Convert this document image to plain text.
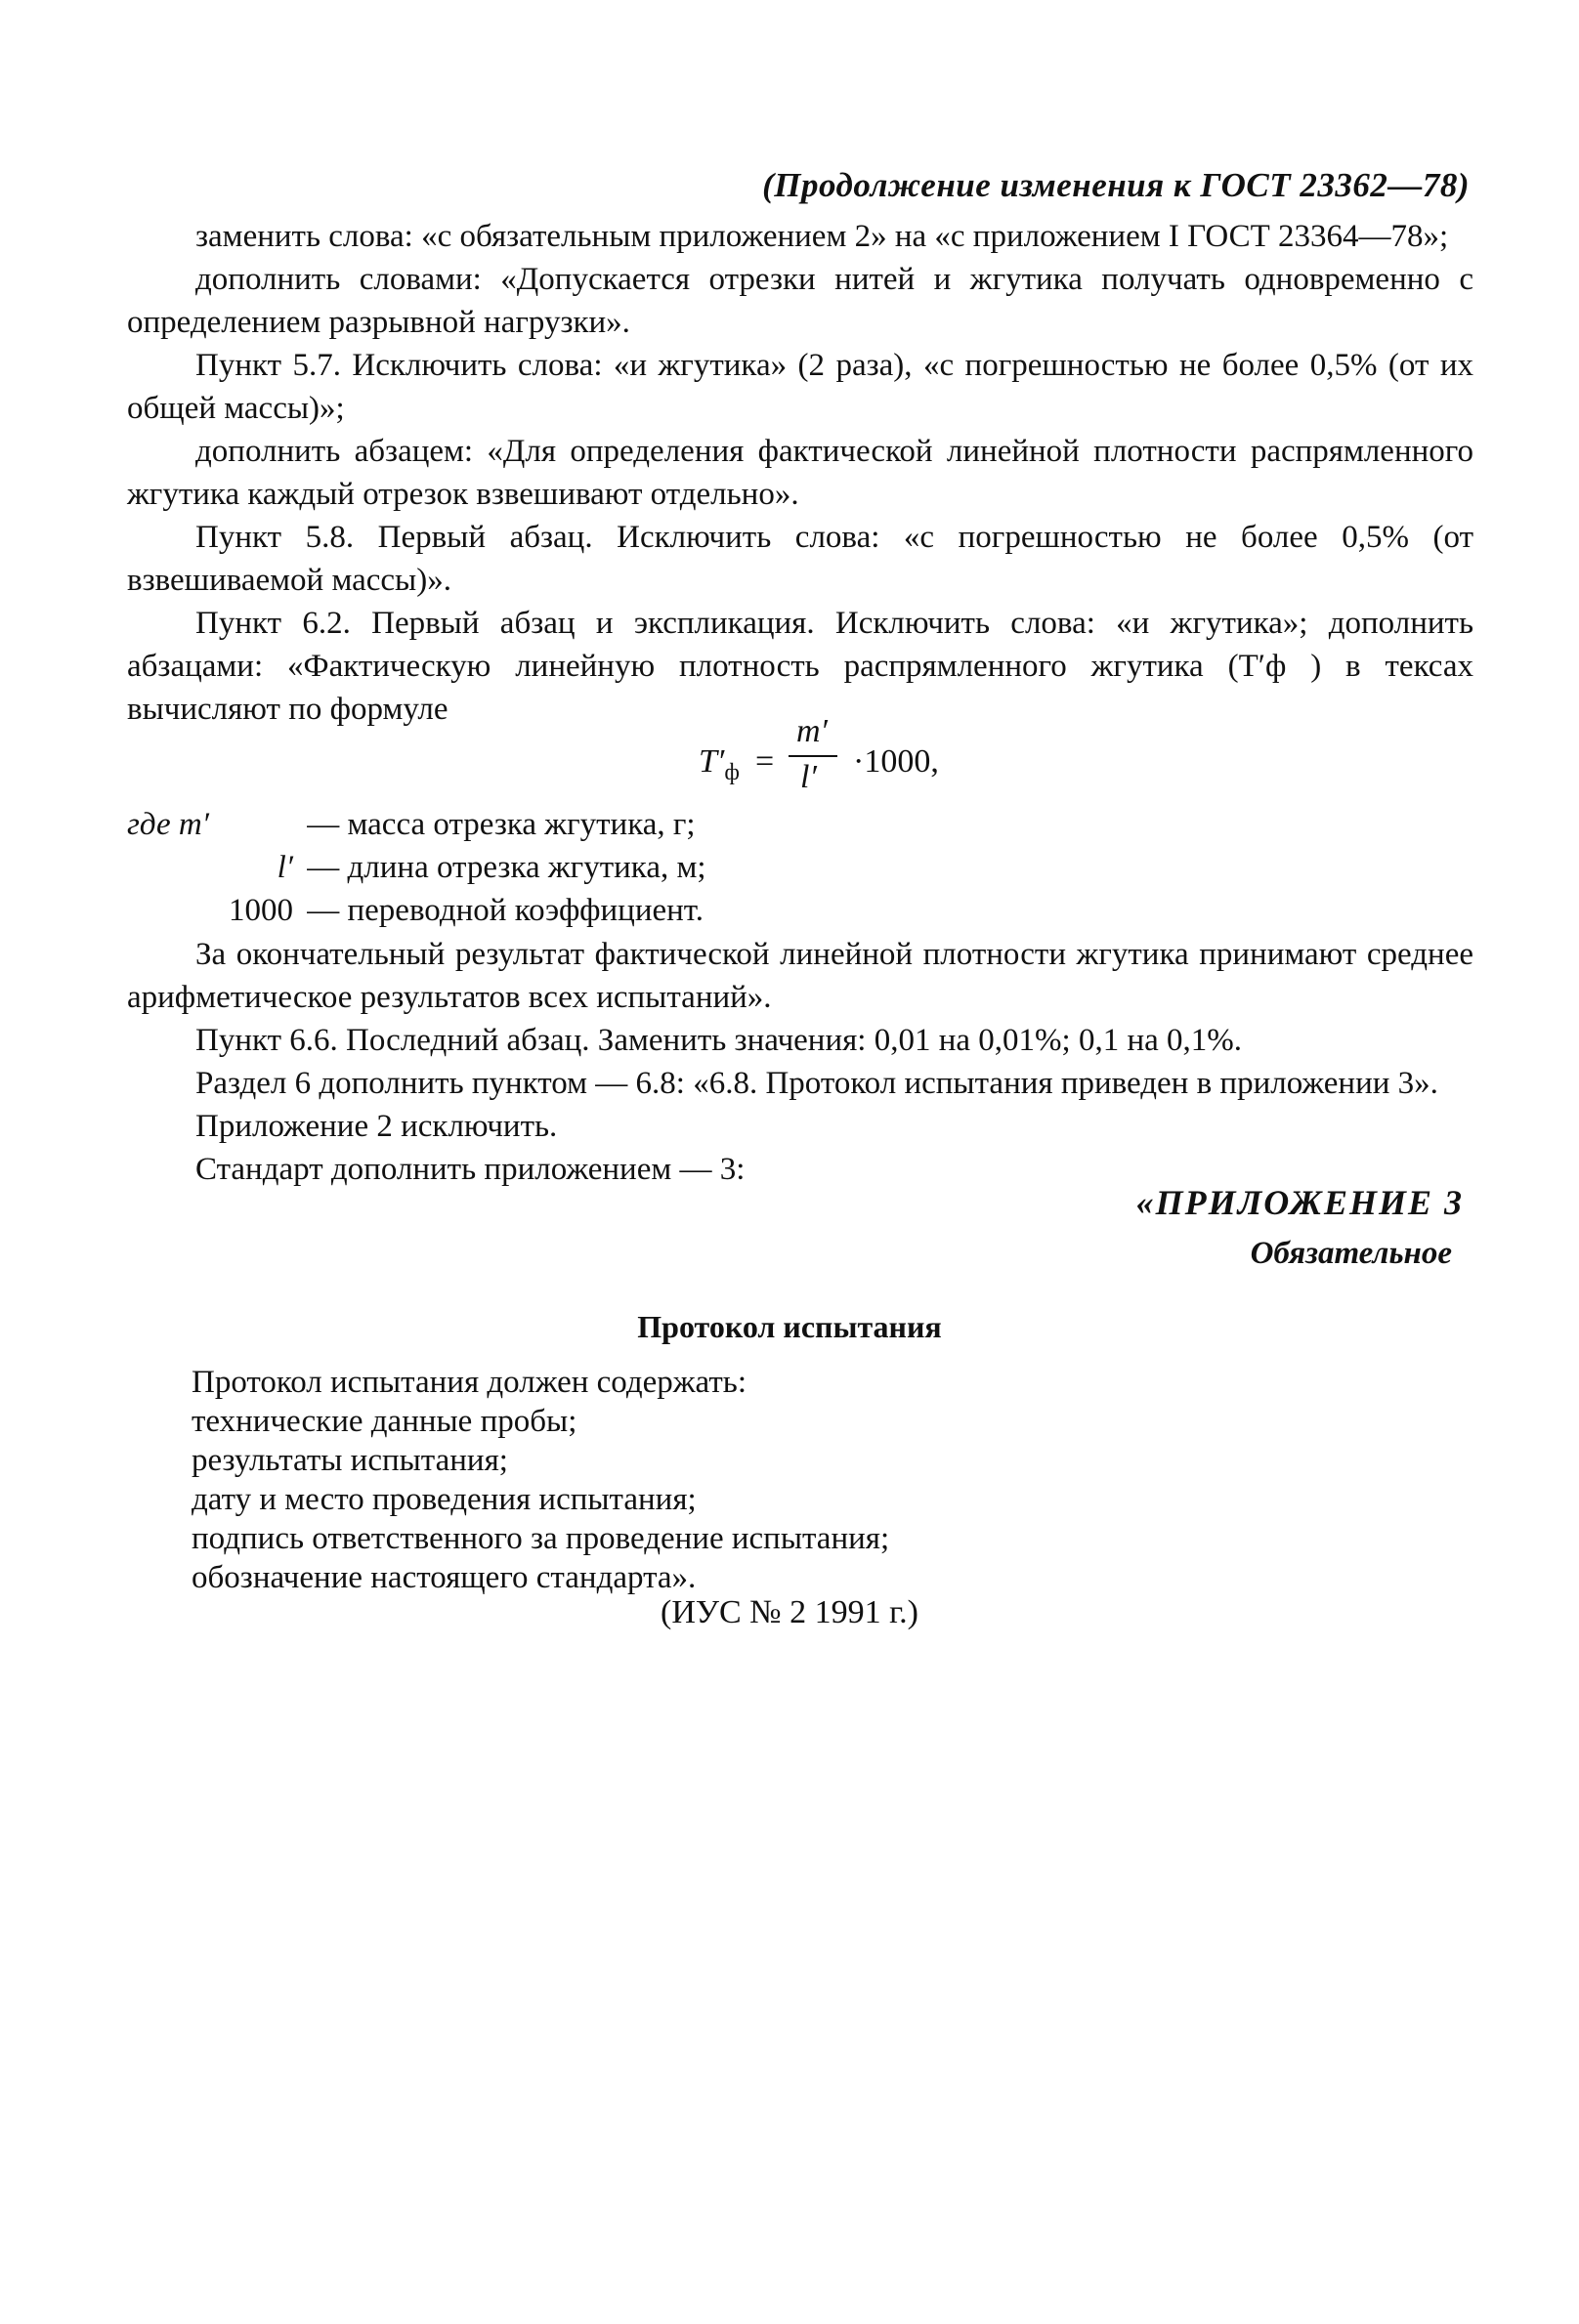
(Продолжение изменения к ГОСТ 23362—78)

заменить слова: «с обязательным приложением 2» на «с приложением I ГОСТ 23364—78»;

дополнить словами: «Допускается отрезки нитей и жгутика получать одновременно с определением разрывной нагрузки».

Пункт 5.7. Исключить слова: «и жгутика» (2 раза), «с погрешностью не более 0,5% (от их общей массы)»;

дополнить абзацем: «Для определения фактической линейной плотности распрямленного жгутика каждый отрезок взвешивают отдельно».

Пункт 5.8. Первый абзац. Исключить слова: «с погрешностью не более 0,5% (от взвешиваемой массы)».

Пункт 6.2. Первый абзац и экспликация. Исключить слова: «и жгутика»; дополнить абзацами: «Фактическую линейную плотность распрямленного жгутика (T′ф ) в тексах вычисляют по формуле

$T'_ф$ =
m′
l′ ·1000,
где m′	— масса отрезка жгутика, г;
l′ — длина отрезка жгутика, м;
1000 — переводной коэффициент.

За окончательный результат фактической линейной плотности жгутика принимают среднее арифметическое результатов всех испытаний».

Пункт 6.6. Последний абзац. Заменить значения: 0,01 на 0,01%; 0,1 на 0,1%.

Раздел 6 дополнить пунктом — 6.8: «6.8. Протокол испытания приведен в приложении 3».

Приложение 2 исключить.

Стандарт дополнить приложением — 3:

«ПРИЛОЖЕНИЕ 3
Обязательное
Протокол испытания
Протокол испытания должен содержать:
технические данные пробы;
результаты испытания;
дату и место проведения испытания;
подпись ответственного за проведение испытания;
обозначение настоящего стандарта».
(ИУС № 2 1991 г.)
